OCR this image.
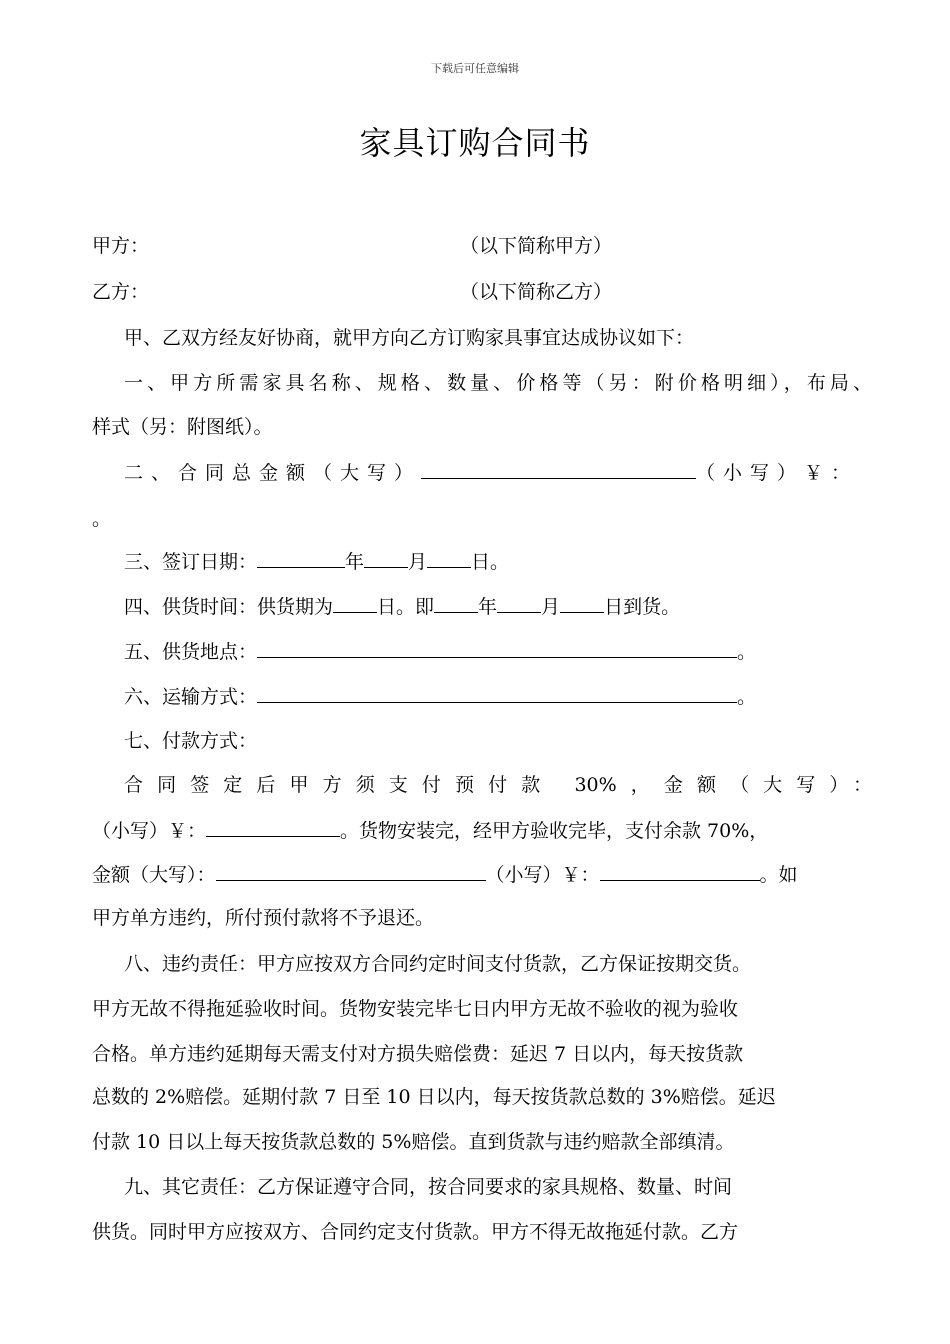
下载后可任意编辑
家具订购合同书
甲方：	（以下简称甲方）
乙方：	（以下简称乙方）
甲、乙双方经友好协商，就甲方向乙方订购家具事宜达成协议如下：
一、甲方所需家具名称、规格、数量、价格等（另：附价格明细），布局、
样式（另：附图纸）。
二、合同总金额（大写）	（小写）￥：
。
三、签订日期：	年 月 日。
四、供货时间：供货期为 日。即 年 月 日到货。
五、供货地点：	。
六、运输方式：	。
七、付款方式：
合同签定后甲方须支付预付款 30%，金额（大写）：
（小写）￥：	。货物安装完，经甲方验收完毕，支付余款 70%，
金额（大写）：	（小写）￥：	。如
甲方单方违约，所付预付款将不予退还。
八、违约责任：甲方应按双方合同约定时间支付货款，乙方保证按期交货。
甲方无故不得拖延验收时间。货物安装完毕七日内甲方无故不验收的视为验收
合格。单方违约延期每天需支付对方损失赔偿费：延迟 7 日以内，每天按货款
总数的 2%赔偿。延期付款 7 日至 10 日以内，每天按货款总数的 3%赔偿。延迟
付款 10 日以上每天按货款总数的 5%赔偿。直到货款与违约赔款全部缜清。
九、其它责任：乙方保证遵守合同，按合同要求的家具规格、数量、时间
供货。同时甲方应按双方、合同约定支付货款。甲方不得无故拖延付款。乙方
